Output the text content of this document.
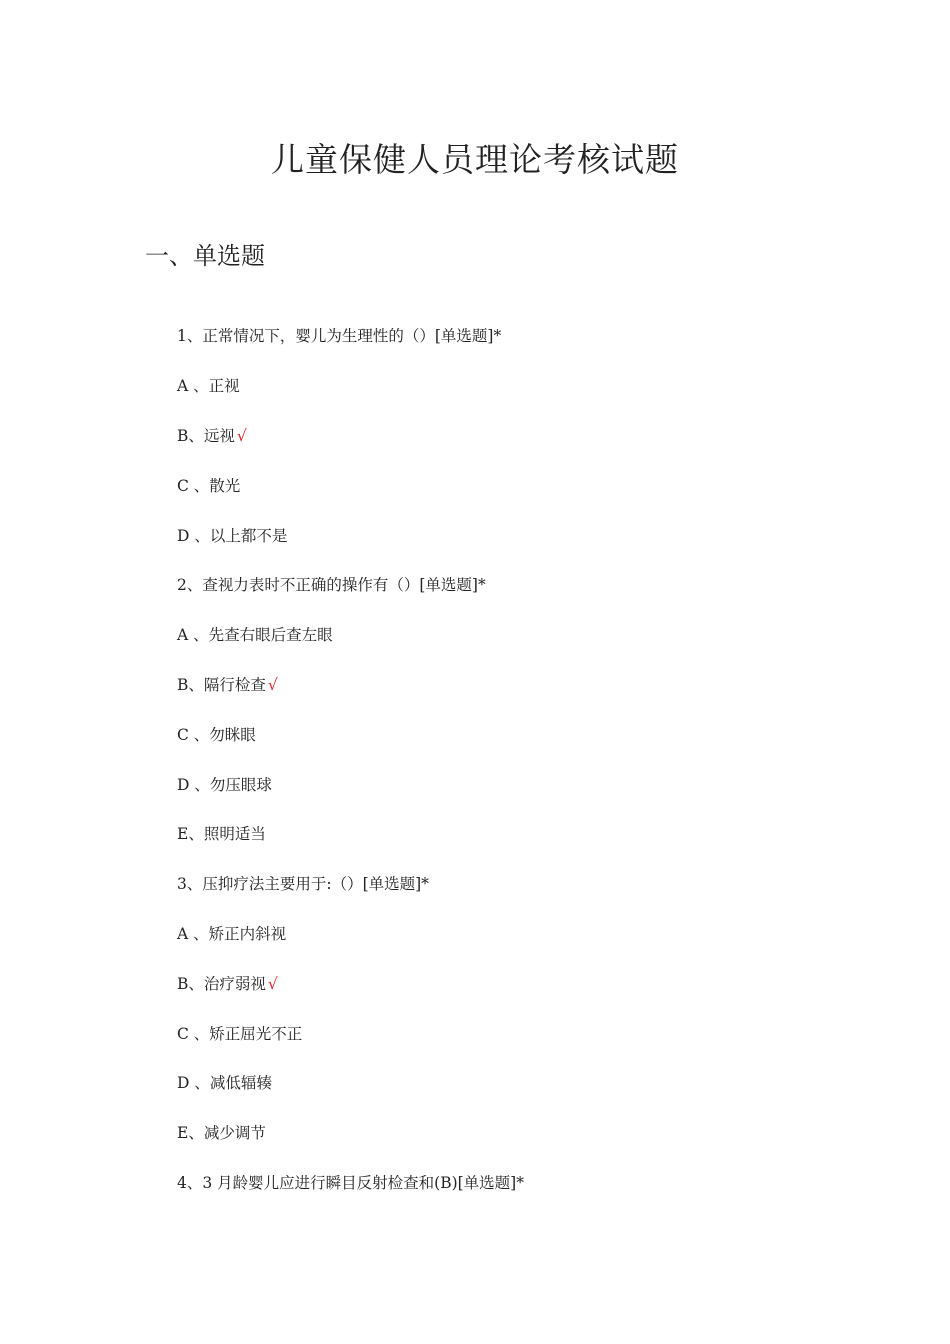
儿童保健人员理论考核试题
一、单选题
1、正常情况下，婴儿为生理性的（）[单选题]*
A 、正视
B、远视 √
C 、散光
D 、以上都不是
2、查视力表时不正确的操作有（）[单选题]*
A 、先查右眼后查左眼
B、隔行检查 √
C 、勿眯眼
D 、勿压眼球
E、照明适当
3、压抑疗法主要用于:（）[单选题]*
A 、矫正内斜视
B、治疗弱视 √
C 、矫正屈光不正
D 、减低辐辏
E、减少调节
4、3 月龄婴儿应进行瞬目反射检查和(B)[单选题]*
